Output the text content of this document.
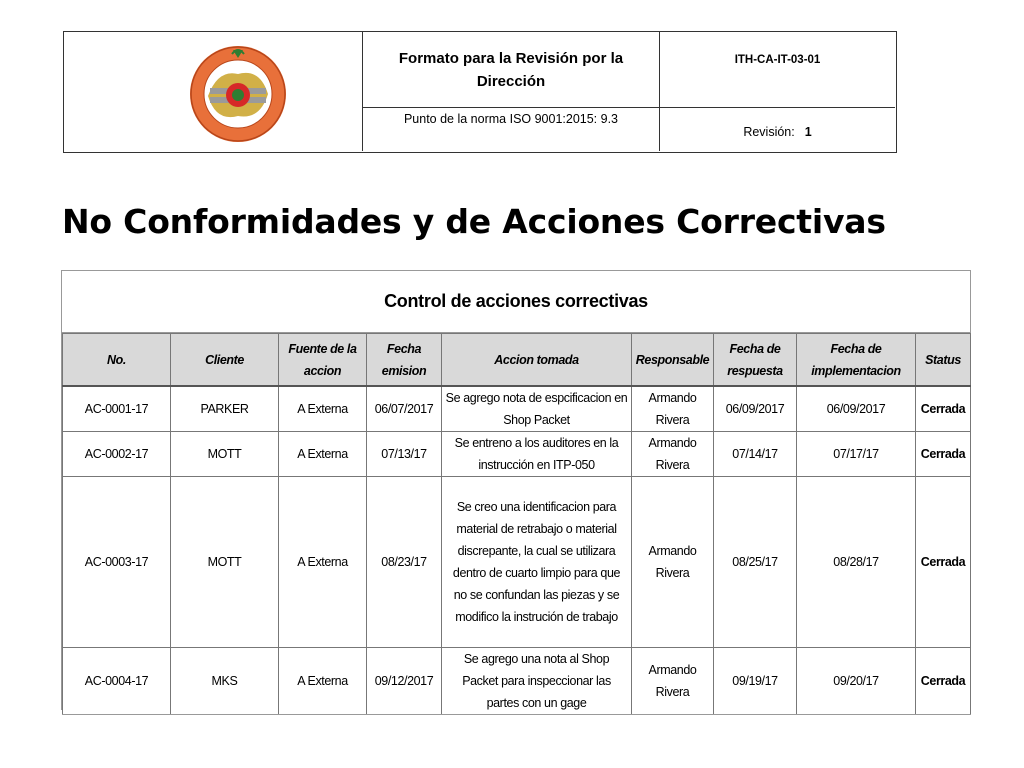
Formato para la Revisión por la Dirección
ITH-CA-IT-03-01
Punto de la norma ISO 9001:2015: 9.3
Revisión: 1
No Conformidades y de Acciones Correctivas
Control de acciones correctivas
No.	Cliente	Fuente de la accion	Fecha emision	Accion tomada	Responsable	Fecha de respuesta	Fecha de implementacion	Status
AC-0001-17	PARKER	A Externa	06/07/2017	Se agrego nota de espcificacion en Shop Packet	Armando Rivera	06/09/2017	06/09/2017	Cerrada
AC-0002-17	MOTT	A Externa	07/13/17	Se entreno a los auditores en la instrucción en ITP-050	Armando Rivera	07/14/17	07/17/17	Cerrada
AC-0003-17	MOTT	A Externa	08/23/17	Se creo una identificacion para material de retrabajo o material discrepante, la cual se utilizara dentro de cuarto limpio para que no se confundan las piezas y se modifico la instrución de trabajo	Armando Rivera	08/25/17	08/28/17	Cerrada
AC-0004-17	MKS	A Externa	09/12/2017	Se agrego una nota al Shop Packet para inspeccionar las partes con un gage	Armando Rivera	09/19/17	09/20/17	Cerrada
